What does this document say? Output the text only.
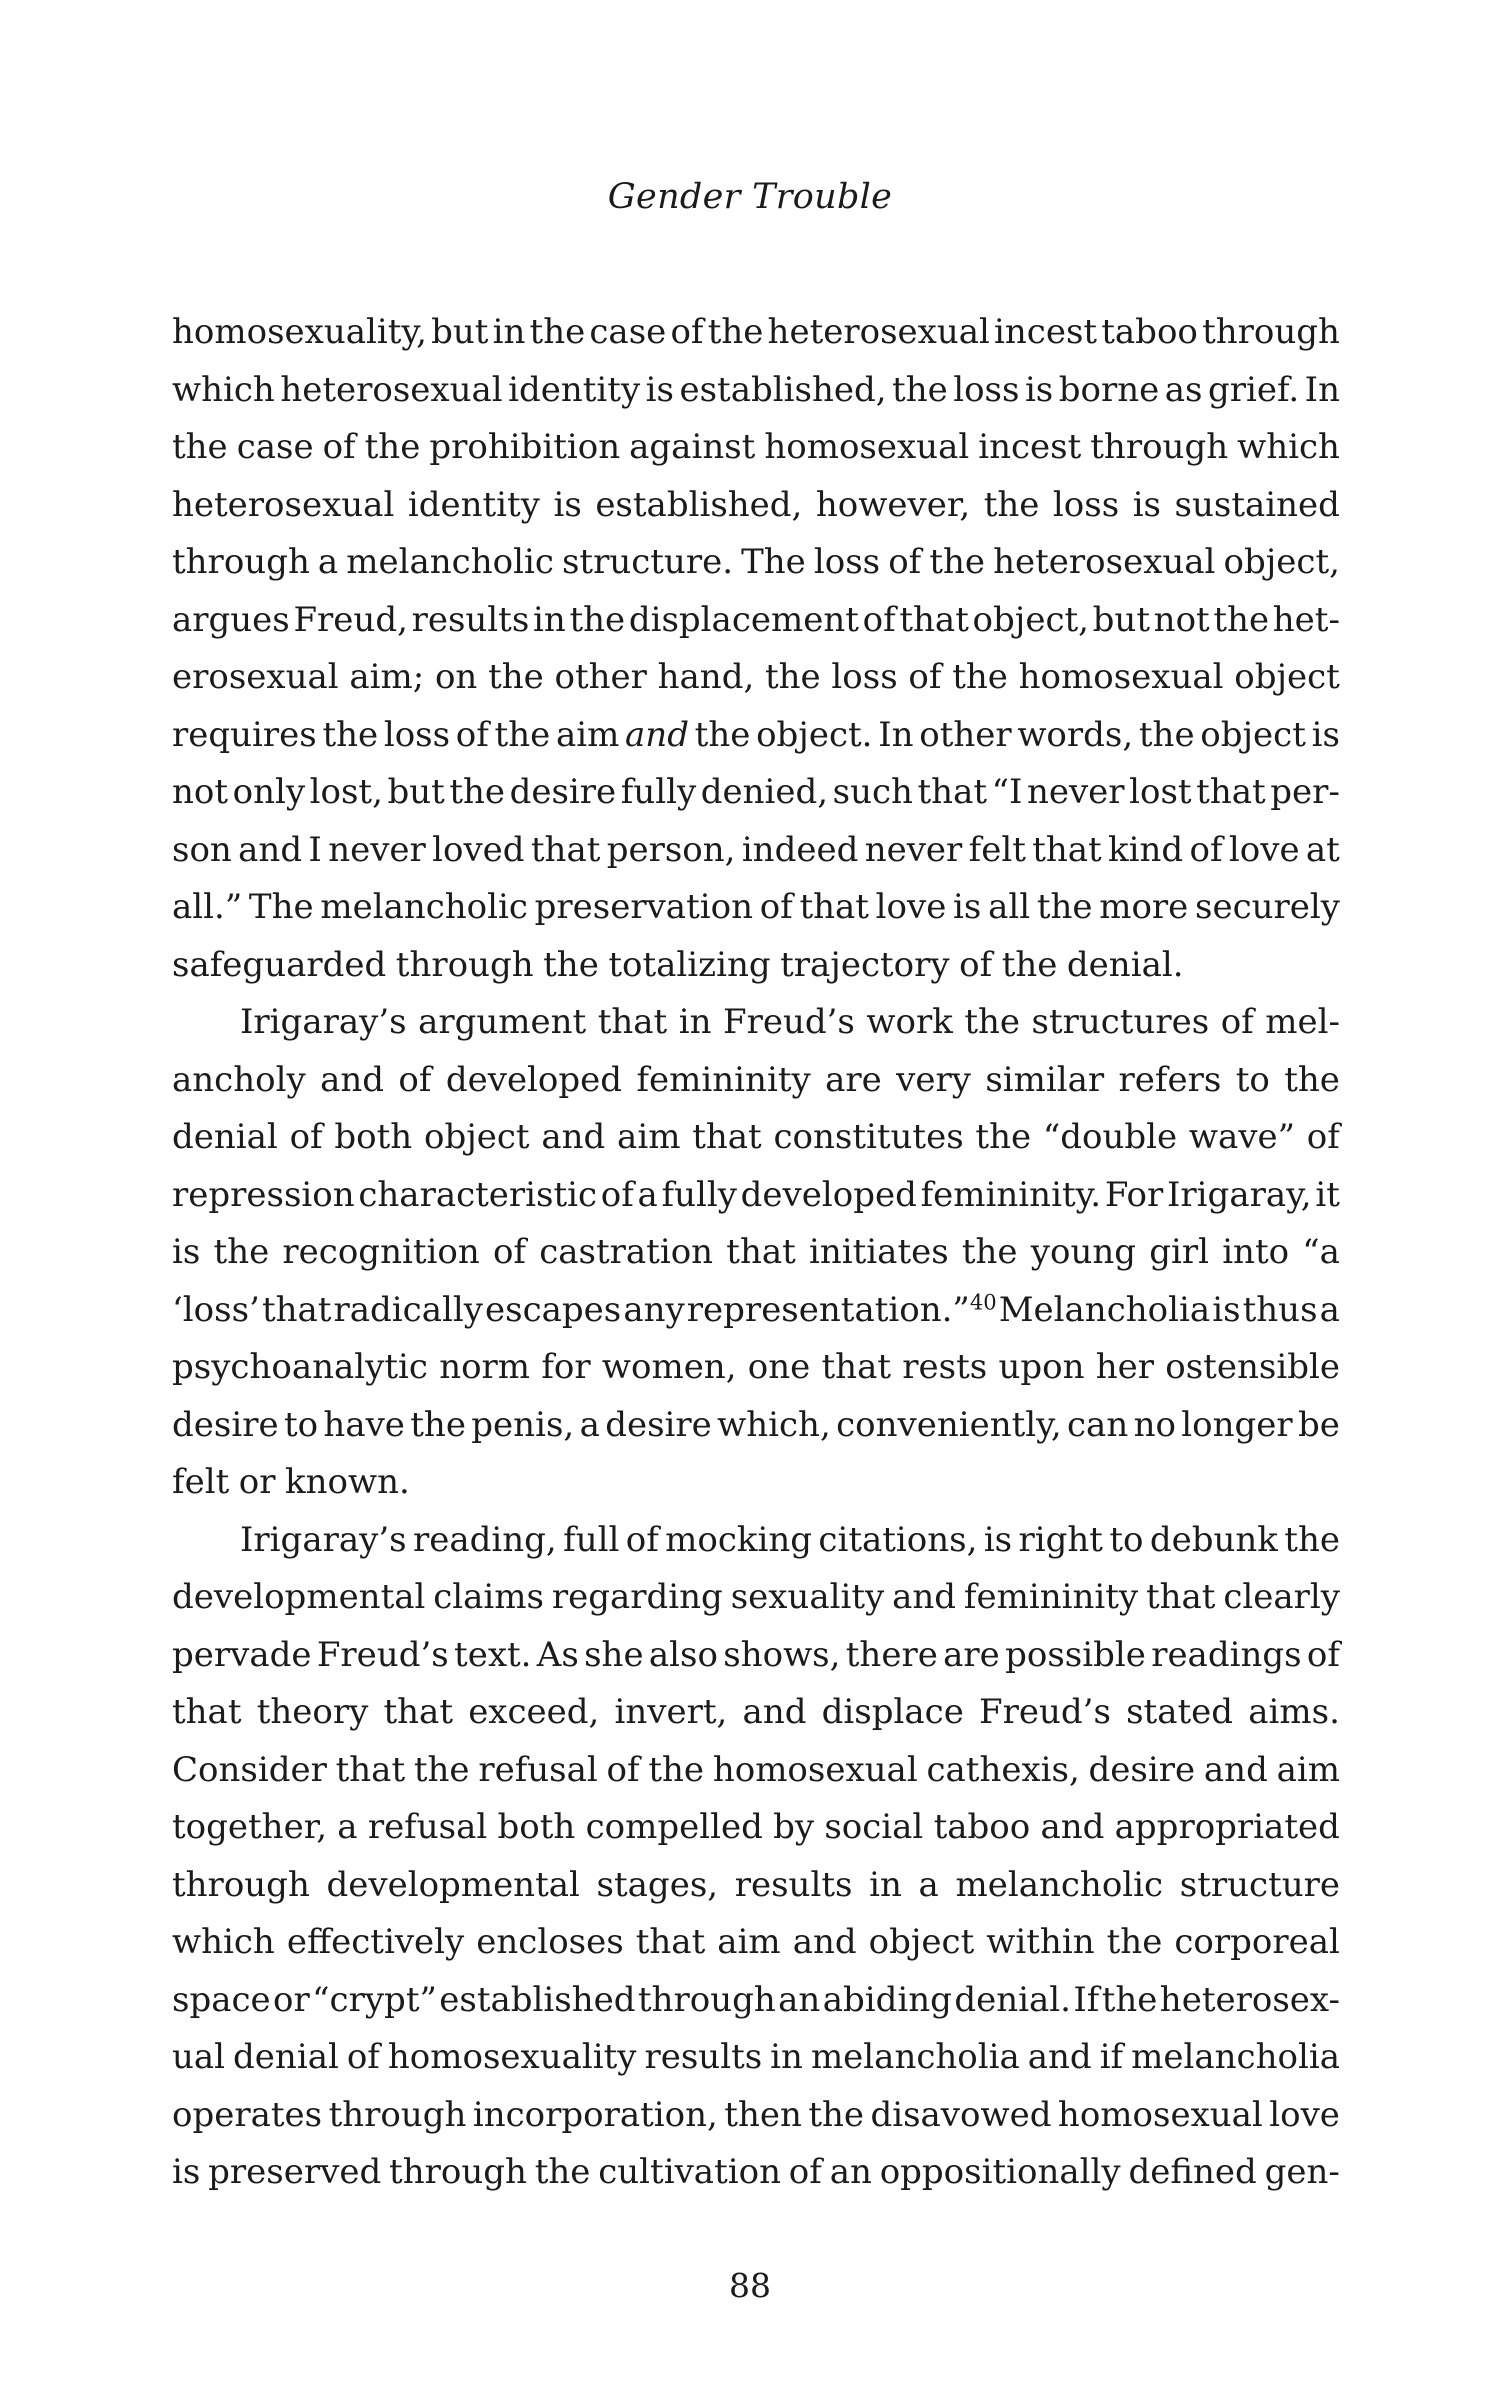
Gender Trouble
homosexuality, but in the case of the heterosexual incest taboo through
which heterosexual identity is established, the loss is borne as grief. In
the case of the prohibition against homosexual incest through which
heterosexual identity is established, however, the loss is sustained
through a melancholic structure. The loss of the heterosexual object,
argues Freud, results in the displacement of that object, but not the het-
erosexual aim; on the other hand, the loss of the homosexual object
requires the loss of the aim and the object. In other words, the object is
not only lost, but the desire fully denied, such that “I never lost that per-
son and I never loved that person, indeed never felt that kind of love at
all.” The melancholic preservation of that love is all the more securely
safeguarded through the totalizing trajectory of the denial.
Irigaray’s argument that in Freud’s work the structures of mel-
ancholy and of developed femininity are very similar refers to the
denial of both object and aim that constitutes the “double wave” of
repression characteristic of a fully developed femininity. For Irigaray, it
is the recognition of castration that initiates the young girl into “a
‘loss’ that radically escapes any representation.”$^{40}$ Melancholia is thus a
psychoanalytic norm for women, one that rests upon her ostensible
desire to have the penis, a desire which, conveniently, can no longer be
felt or known.
Irigaray’s reading, full of mocking citations, is right to debunk the
developmental claims regarding sexuality and femininity that clearly
pervade Freud’s text. As she also shows, there are possible readings of
that theory that exceed, invert, and displace Freud’s stated aims.
Consider that the refusal of the homosexual cathexis, desire and aim
together, a refusal both compelled by social taboo and appropriated
through developmental stages, results in a melancholic structure
which effectively encloses that aim and object within the corporeal
space or “crypt” established through an abiding denial. If the heterosex-
ual denial of homosexuality results in melancholia and if melancholia
operates through incorporation, then the disavowed homosexual love
is preserved through the cultivation of an oppositionally defined gen-
88
